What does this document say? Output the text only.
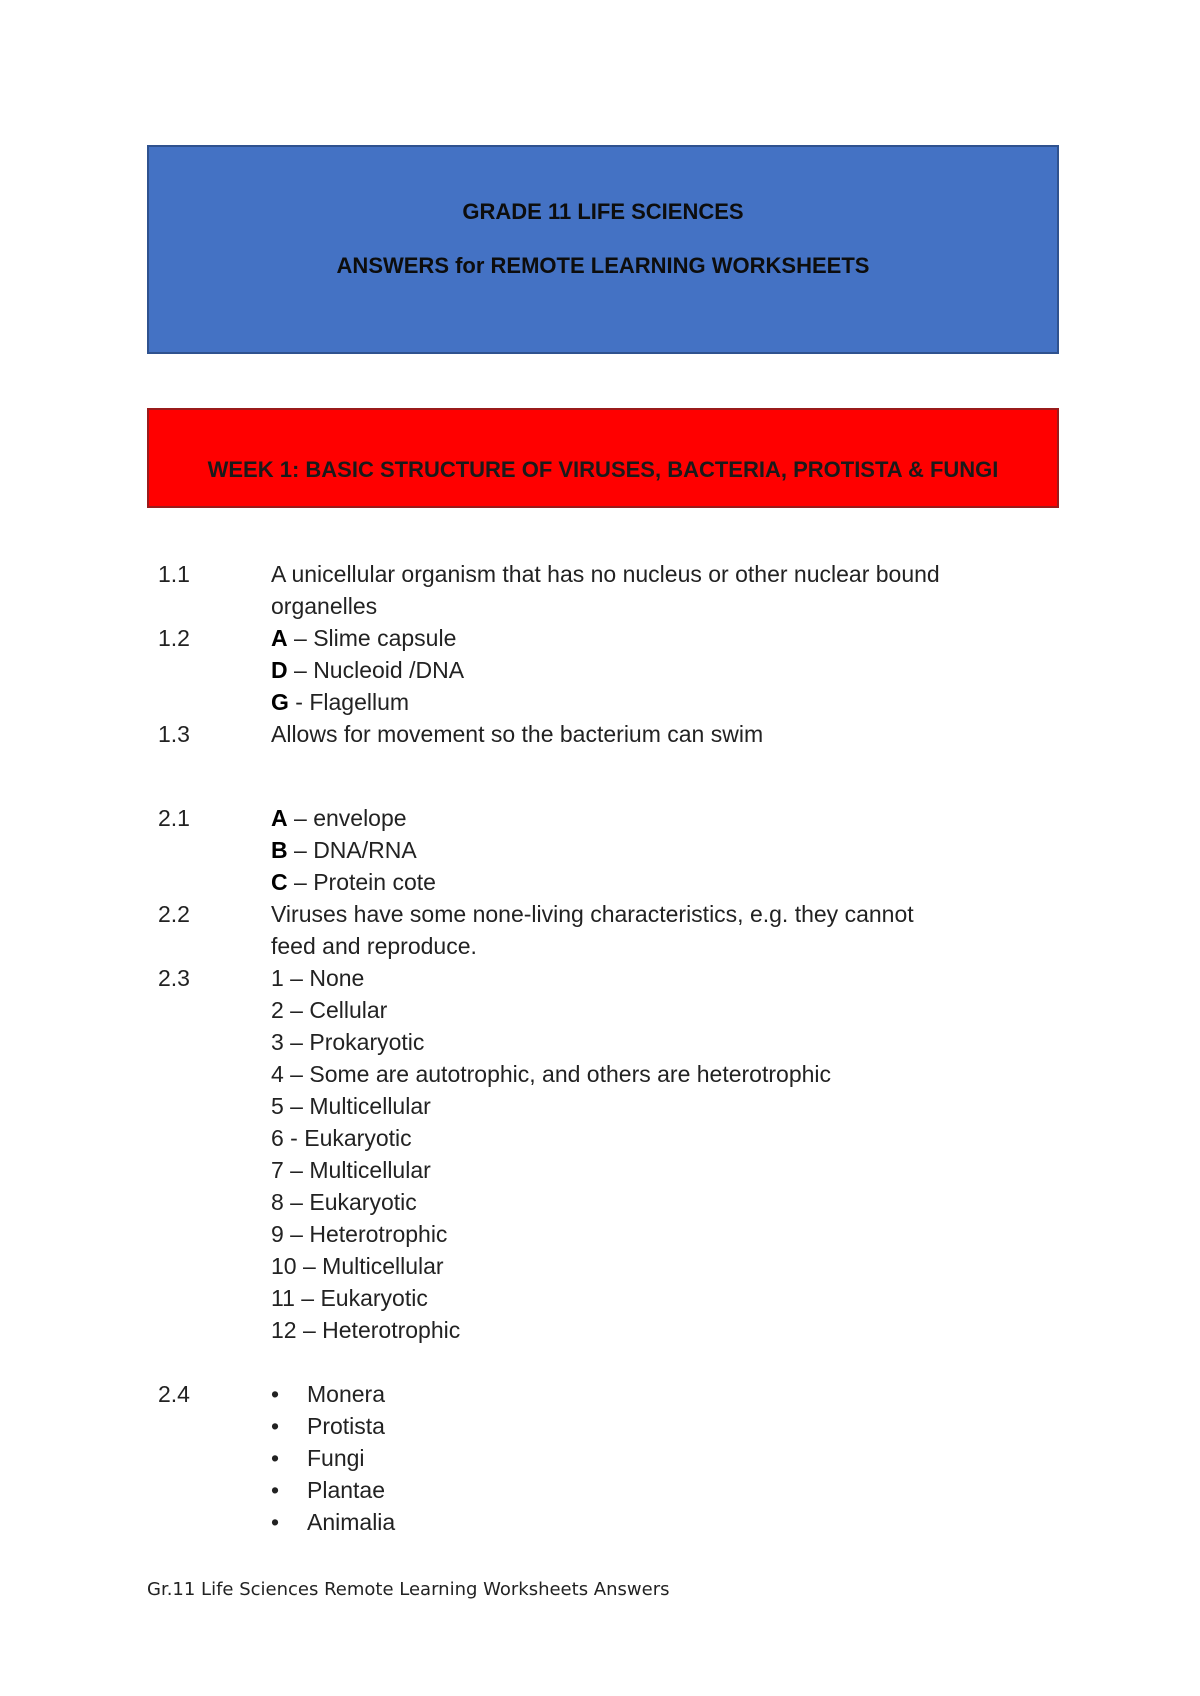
GRADE 11 LIFE SCIENCES
ANSWERS for REMOTE LEARNING WORKSHEETS
WEEK 1: BASIC STRUCTURE OF VIRUSES, BACTERIA, PROTISTA & FUNGI
1.1	A unicellular organism that has no nucleus or other nuclear bound
organelles
1.2	A – Slime capsule
D – Nucleoid /DNA
G - Flagellum
1.3	Allows for movement so the bacterium can swim
2.1	A – envelope
B – DNA/RNA
C – Protein cote
2.2	Viruses have some none-living characteristics, e.g. they cannot
feed and reproduce.
2.3	1 – None
2 – Cellular
3 – Prokaryotic
4 – Some are autotrophic, and others are heterotrophic
5 – Multicellular
6 - Eukaryotic
7 – Multicellular
8 – Eukaryotic
9 – Heterotrophic
10 – Multicellular
11 – Eukaryotic
12 – Heterotrophic
2.4	•	Monera
•	Protista
•	Fungi
•	Plantae
•	Animalia
Gr.11 Life Sciences Remote Learning Worksheets Answers
